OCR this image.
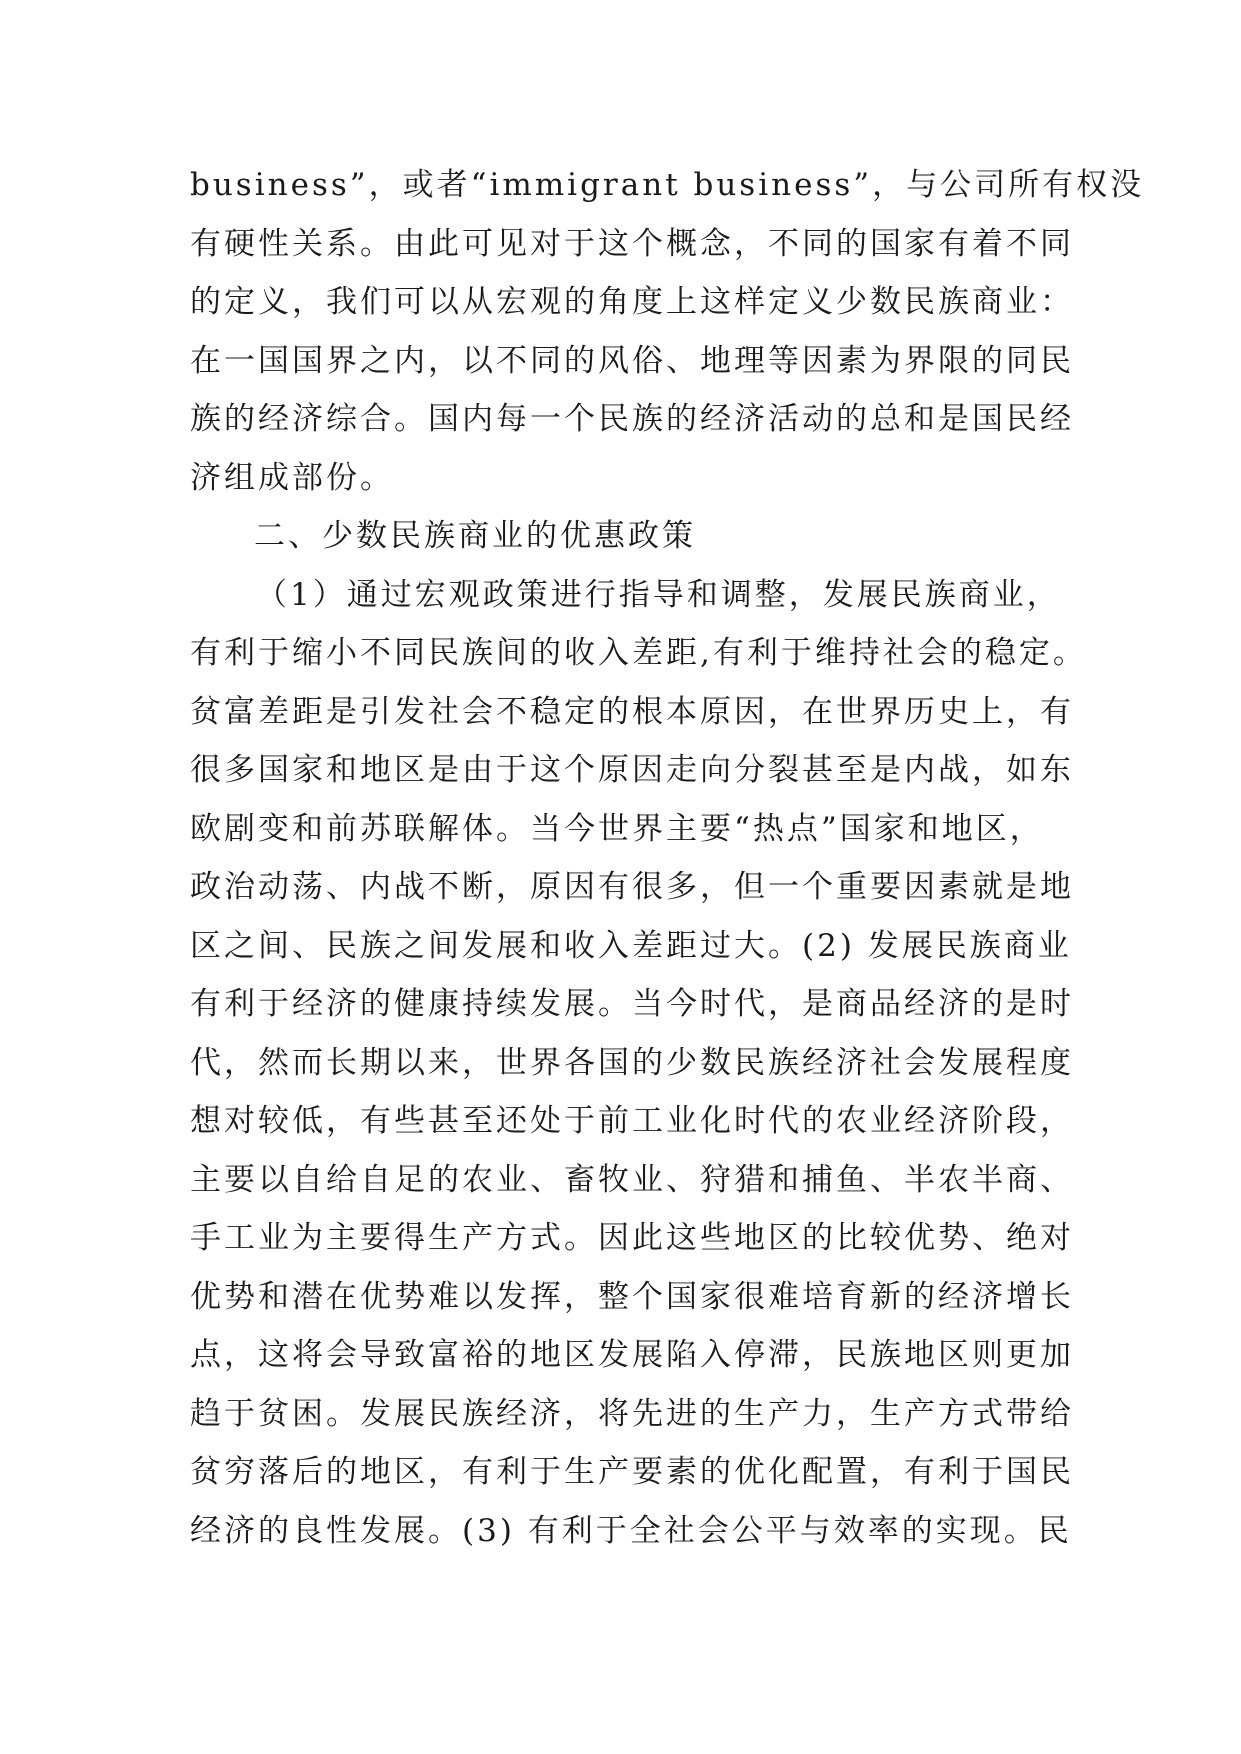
business”，或者“immigrant business”，与公司所有权没
有硬性关系。由此可见对于这个概念，不同的国家有着不同
的定义，我们可以从宏观的角度上这样定义少数民族商业：
在一国国界之内，以不同的风俗、地理等因素为界限的同民
族的经济综合。国内每一个民族的经济活动的总和是国民经
济组成部份。
二、少数民族商业的优惠政策
（1）通过宏观政策进行指导和调整，发展民族商业，
有利于缩小不同民族间的收入差距,有利于维持社会的稳定。
贫富差距是引发社会不稳定的根本原因，在世界历史上，有
很多国家和地区是由于这个原因走向分裂甚至是内战，如东
欧剧变和前苏联解体。当今世界主要“热点”国家和地区，
政治动荡、内战不断，原因有很多，但一个重要因素就是地
区之间、民族之间发展和收入差距过大。(2) 发展民族商业
有利于经济的健康持续发展。当今时代，是商品经济的是时
代，然而长期以来，世界各国的少数民族经济社会发展程度
想对较低，有些甚至还处于前工业化时代的农业经济阶段，
主要以自给自足的农业、畜牧业、狩猎和捕鱼、半农半商、
手工业为主要得生产方式。因此这些地区的比较优势、绝对
优势和潜在优势难以发挥，整个国家很难培育新的经济增长
点，这将会导致富裕的地区发展陷入停滞，民族地区则更加
趋于贫困。发展民族经济，将先进的生产力，生产方式带给
贫穷落后的地区，有利于生产要素的优化配置，有利于国民
经济的良性发展。(3) 有利于全社会公平与效率的实现。民
